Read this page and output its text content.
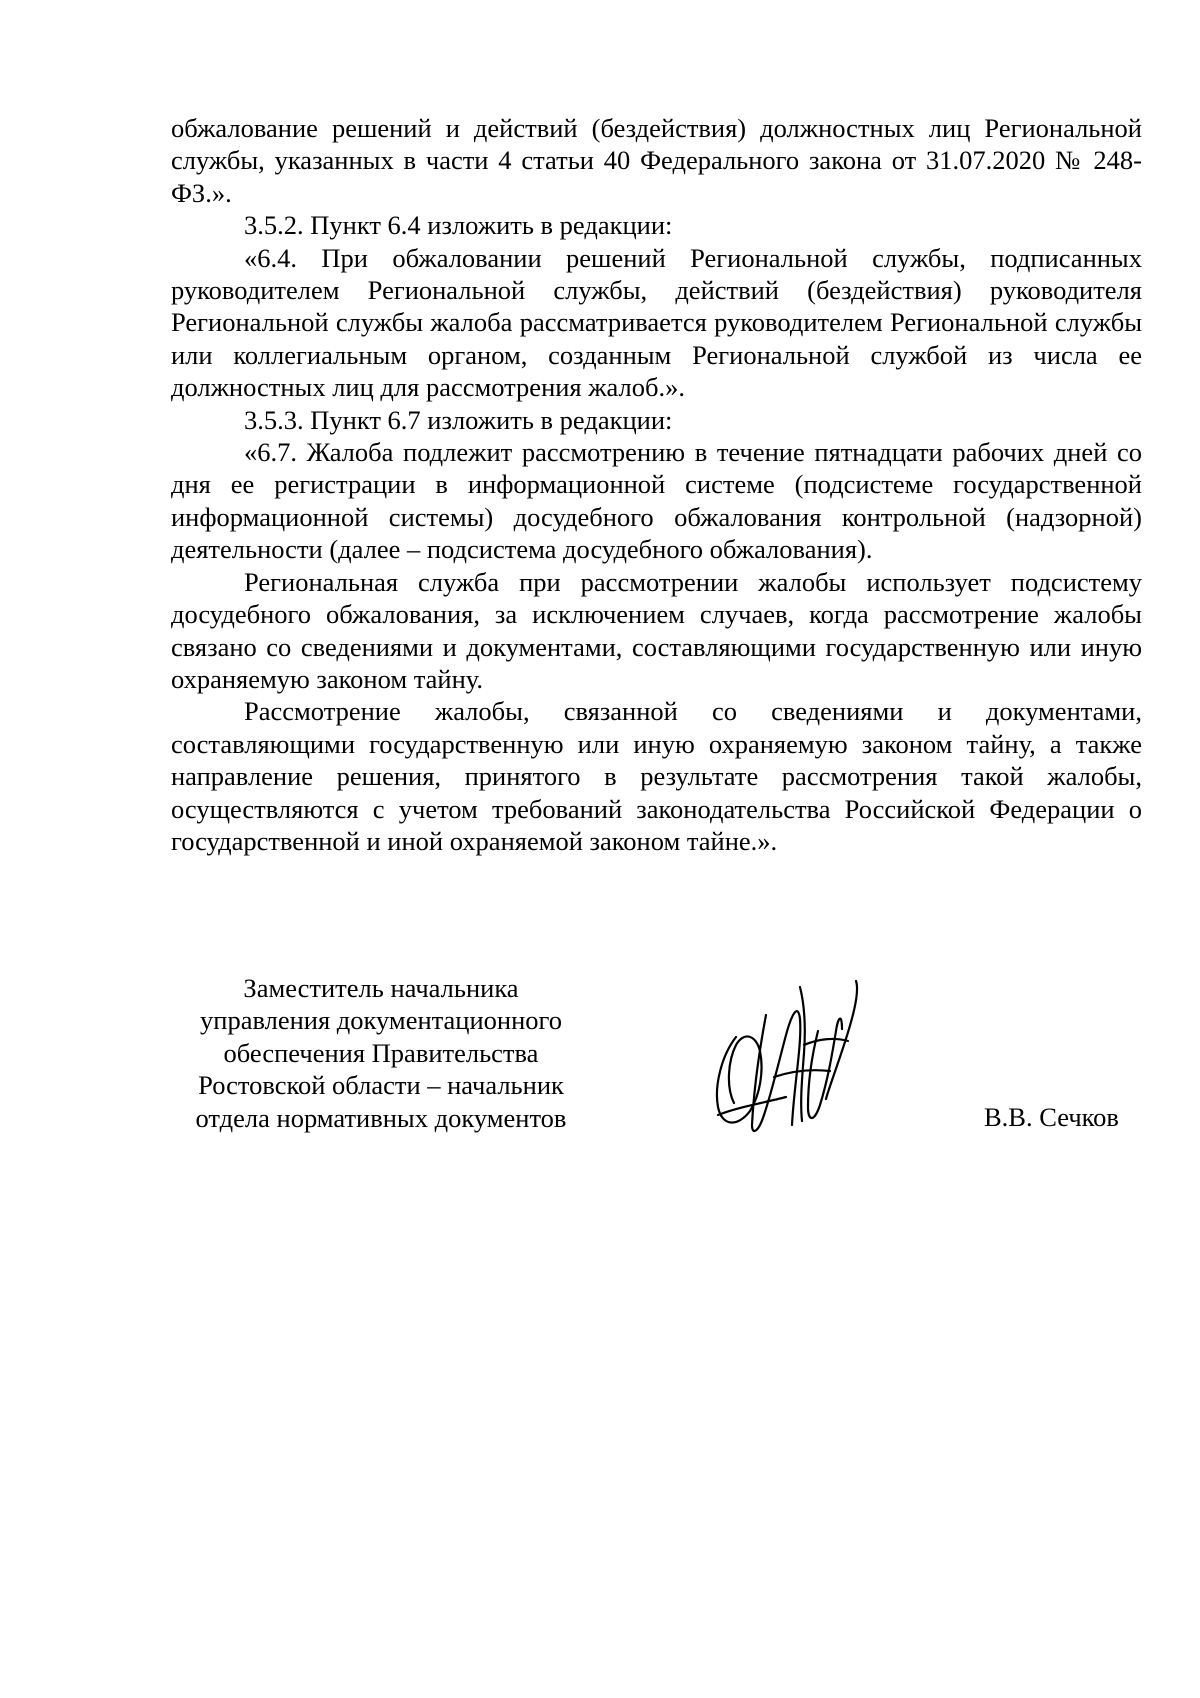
обжалование решений и действий (бездействия) должностных лиц Региональной службы, указанных в части 4 статьи 40 Федерального закона от 31.07.2020 № 248-ФЗ.».

3.5.2. Пункт 6.4 изложить в редакции:

«6.4. При обжаловании решений Региональной службы, подписанных руководителем Региональной службы, действий (бездействия) руководителя Региональной службы жалоба рассматривается руководителем Региональной службы или коллегиальным органом, созданным Региональной службой из числа ее должностных лиц для рассмотрения жалоб.».

3.5.3. Пункт 6.7 изложить в редакции:

«6.7. Жалоба подлежит рассмотрению в течение пятнадцати рабочих дней со дня ее регистрации в информационной системе (подсистеме государственной информационной системы) досудебного обжалования контрольной (надзорной) деятельности (далее – подсистема досудебного обжалования).

Региональная служба при рассмотрении жалобы использует подсистему досудебного обжалования, за исключением случаев, когда рассмотрение жалобы связано со сведениями и документами, составляющими государственную или иную охраняемую законом тайну.

Рассмотрение жалобы, связанной со сведениями и документами, составляющими государственную или иную охраняемую законом тайну, а также направление решения, принятого в результате рассмотрения такой жалобы, осуществляются с учетом требований законодательства Российской Федерации о государственной и иной охраняемой законом тайне.».

Заместитель начальника
управления документационного
обеспечения Правительства
Ростовской области – начальник
отдела нормативных документов	В.В. Сечков
